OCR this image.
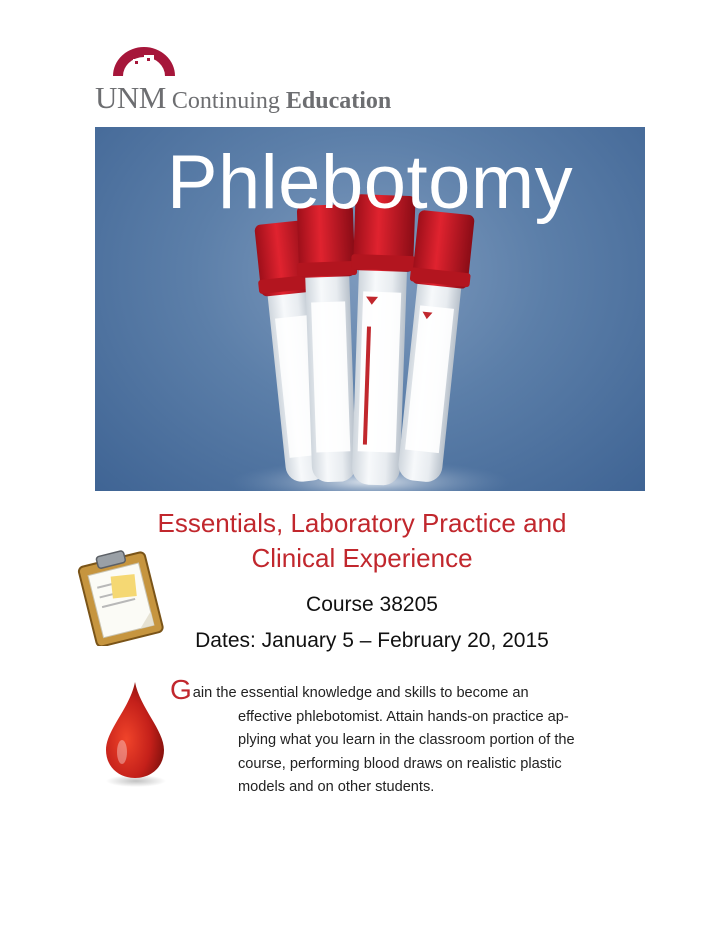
UNM Continuing Education
Phlebotomy
Essentials, Laboratory Practice and
Clinical Experience
Course 38205
Dates: January 5 – February 20, 2015
Gain the essential knowledge and skills to become an
effective phlebotomist. Attain hands-on practice ap-
plying what you learn in the classroom portion of the
course, performing blood draws on realistic plastic
models and on other students.
